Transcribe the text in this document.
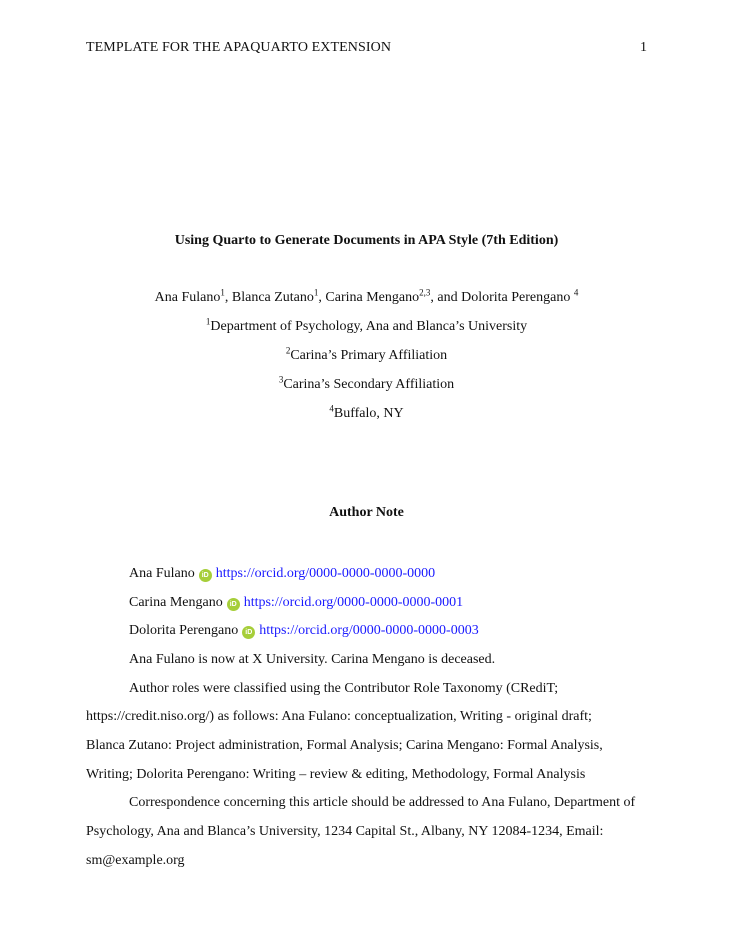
TEMPLATE FOR THE APAQUARTO EXTENSION	1
Using Quarto to Generate Documents in APA Style (7th Edition)
Ana Fulano$^1$, Blanca Zutano$^1$, Carina Mengano$^{2,3}$, and Dolorita Perengano $^4$
$^1$Department of Psychology, Ana and Blanca’s University
$^2$Carina’s Primary Affiliation
$^3$Carina’s Secondary Affiliation
$^4$Buffalo, NY
Author Note
Ana Fulano iD https://orcid.org/0000-0000-0000-0000
Carina Mengano iD https://orcid.org/0000-0000-0000-0001
Dolorita Perengano iD https://orcid.org/0000-0000-0000-0003
Ana Fulano is now at X University. Carina Mengano is deceased.
Author roles were classified using the Contributor Role Taxonomy (CRediT;
https://credit.niso.org/) as follows: Ana Fulano: conceptualization, Writing - original draft;
Blanca Zutano: Project administration, Formal Analysis; Carina Mengano: Formal Analysis,
Writing; Dolorita Perengano: Writing – review & editing, Methodology, Formal Analysis
Correspondence concerning this article should be addressed to Ana Fulano, Department of
Psychology, Ana and Blanca’s University, 1234 Capital St., Albany, NY 12084-1234, Email:
sm@example.org
